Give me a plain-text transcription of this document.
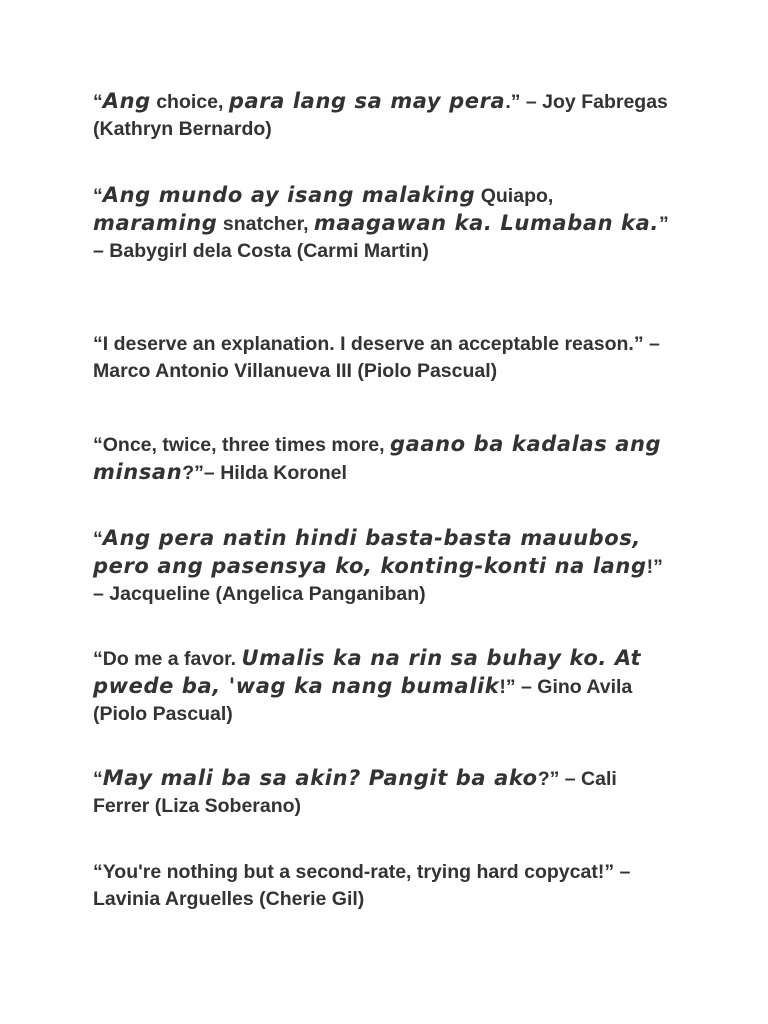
“Ang choice, para lang sa may pera.” – Joy Fabregas (Kathryn Bernardo)

“Ang mundo ay isang malaking Quiapo, maraming snatcher, maagawan ka. Lumaban ka.” – Babygirl dela Costa (Carmi Martin)

“I deserve an explanation. I deserve an acceptable reason.” – Marco Antonio Villanueva III (Piolo Pascual)

“Once, twice, three times more, gaano ba kadalas ang minsan?”– Hilda Koronel

“Ang pera natin hindi basta-basta mauubos, pero ang pasensya ko, konting-konti na lang!” – Jacqueline (Angelica Panganiban)

“Do me a favor. Umalis ka na rin sa buhay ko. At pwede ba, 'wag ka nang bumalik!” – Gino Avila (Piolo Pascual)

“May mali ba sa akin? Pangit ba ako?” – Cali Ferrer (Liza Soberano)

“You're nothing but a second-rate, trying hard copycat!” – Lavinia Arguelles (Cherie Gil)
